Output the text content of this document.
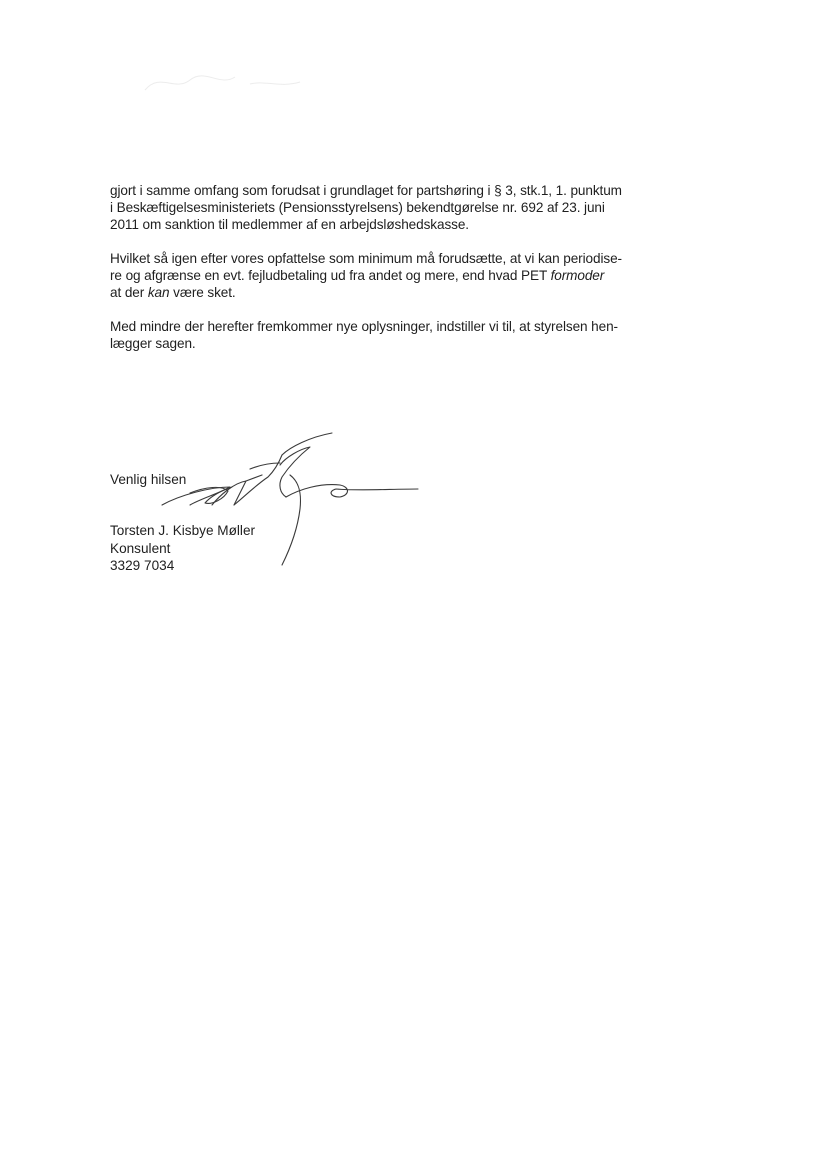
gjort i samme omfang som forudsat i grundlaget for partshøring i § 3, stk.1, 1. punktum
i Beskæftigelsesministeriets (Pensionsstyrelsens) bekendtgørelse nr. 692 af 23. juni
2011 om sanktion til medlemmer af en arbejdsløshedskasse.

Hvilket så igen efter vores opfattelse som minimum må forudsætte, at vi kan periodise-
re og afgrænse en evt. fejludbetaling ud fra andet og mere, end hvad PET formoder
at der kan være sket.

Med mindre der herefter fremkommer nye oplysninger, indstiller vi til, at styrelsen hen-
lægger sagen.

Venlig hilsen
Torsten J. Kisbye Møller
Konsulent
3329 7034
